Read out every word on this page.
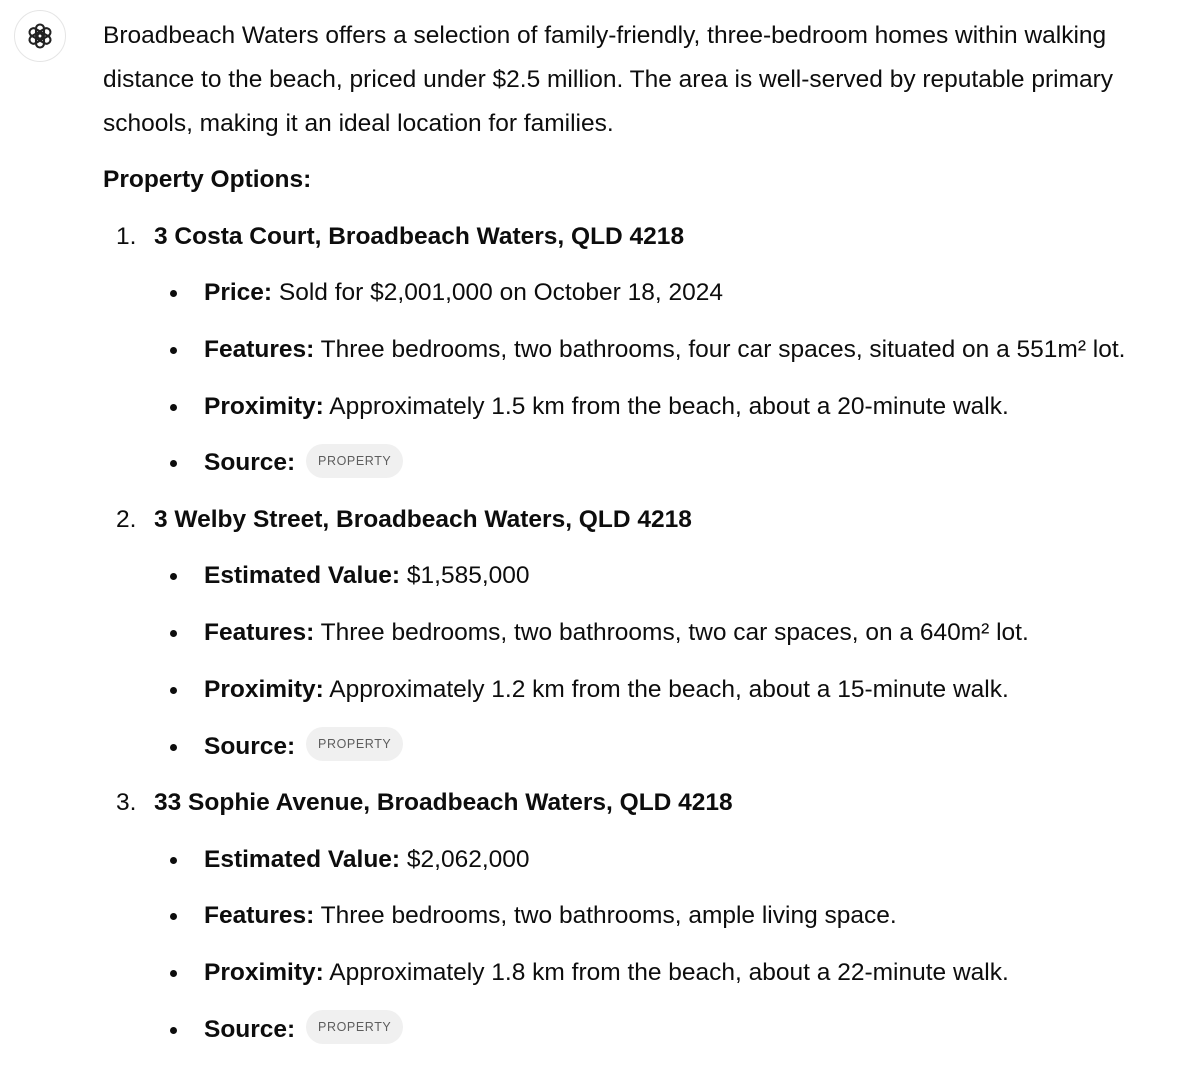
Broadbeach Waters offers a selection of family-friendly, three-bedroom homes within walking
distance to the beach, priced under $2.5 million. The area is well-served by reputable primary
schools, making it an ideal location for families.

Property Options:
1. 3 Costa Court, Broadbeach Waters, QLD 4218
Price: Sold for $2,001,000 on October 18, 2024
Features: Three bedrooms, two bathrooms, four car spaces, situated on a 551m² lot.
Proximity: Approximately 1.5 km from the beach, about a 20-minute walk.
Source: PROPERTY
2. 3 Welby Street, Broadbeach Waters, QLD 4218
Estimated Value: $1,585,000
Features: Three bedrooms, two bathrooms, two car spaces, on a 640m² lot.
Proximity: Approximately 1.2 km from the beach, about a 15-minute walk.
Source: PROPERTY
3. 33 Sophie Avenue, Broadbeach Waters, QLD 4218
Estimated Value: $2,062,000
Features: Three bedrooms, two bathrooms, ample living space.
Proximity: Approximately 1.8 km from the beach, about a 22-minute walk.
Source: PROPERTY
